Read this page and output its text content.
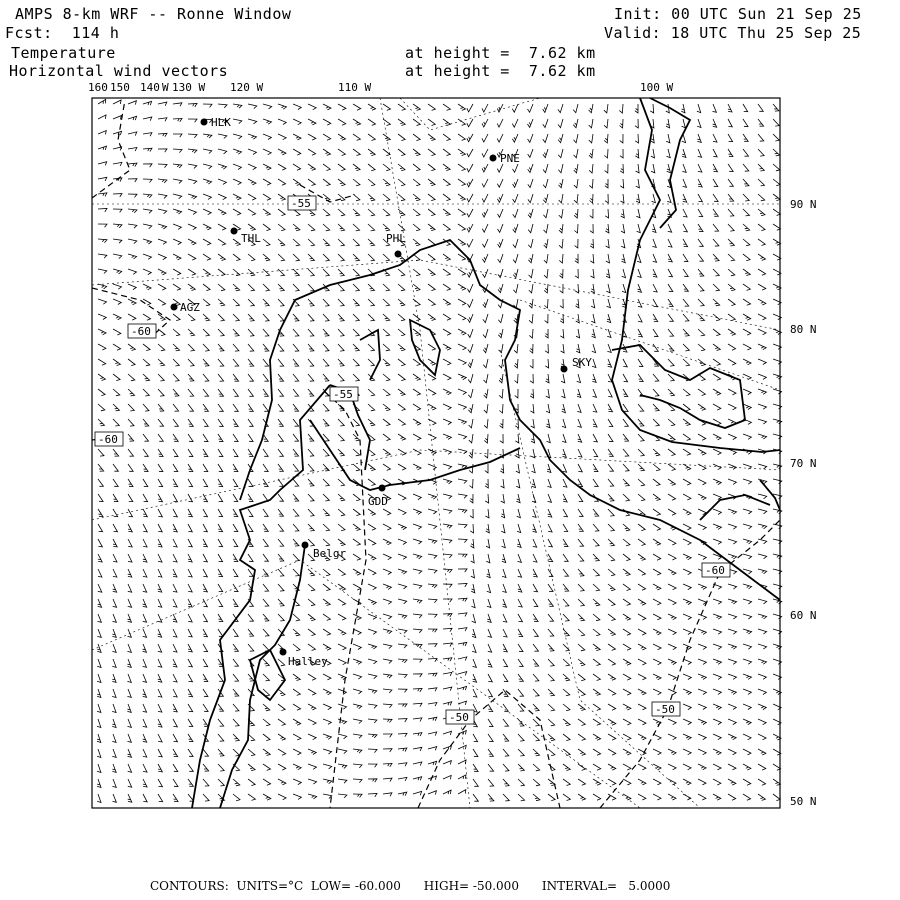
AMPS 8-km WRF -- Ronne Window
Fcst:  114 h
Temperature
Horizontal wind vectors
at height =  7.62 km
at height =  7.62 km
Init: 00 UTC Sun 21 Sep 25
Valid: 18 UTC Thu 25 Sep 25
160 150 140 W 130 W 120 W	110 W	100 W
90 N
80 N
70 N
60 N
50 N
-55
-60
-55
-60
-60
-50
-50
HLK
PNE
THL	PHL
AGZ
SKY
GDD
Belgr
Halley
CONTOURS:  UNITS=°C  LOW= -60.000      HIGH= -50.000      INTERVAL=   5.0000
